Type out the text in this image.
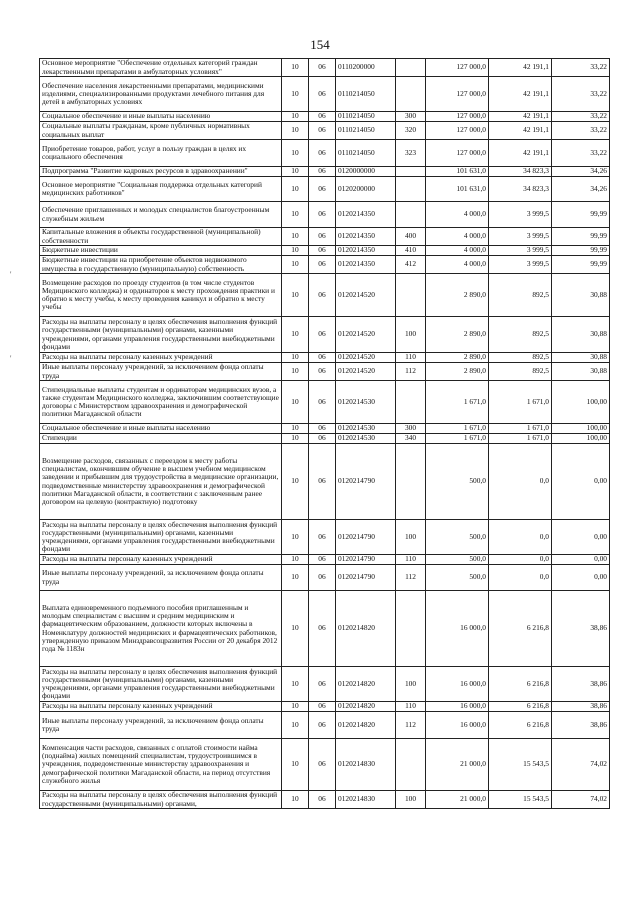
154
Основное мероприятие "Обеспечение отдельных категорий граждан лекарственными препаратами в амбулаторных условиях"	10	06	0110200000		127 000,0	42 191,1	33,22
Обеспечение населения лекарственными препаратами, медицинскими изделиями, специализированными продуктами лечебного питания для детей в амбулаторных условиях	10	06	0110214050		127 000,0	42 191,1	33,22
Социальное обеспечение и иные выплаты населению	10	06	0110214050	300	127 000,0	42 191,1	33,22
Социальные выплаты гражданам, кроме публичных нормативных социальных выплат	10	06	0110214050	320	127 000,0	42 191,1	33,22
Приобретение товаров, работ, услуг в пользу граждан в целях их социального обеспечения	10	06	0110214050	323	127 000,0	42 191,1	33,22
Подпрограмма "Развитие кадровых ресурсов в здравоохранении"	10	06	0120000000		101 631,0	34 823,3	34,26
Основное мероприятие "Социальная поддержка отдельных категорий медицинских работников"	10	06	0120200000		101 631,0	34 823,3	34,26
Обеспечение приглашенных и молодых специалистов благоустроенным служебным жильем	10	06	0120214350		4 000,0	3 999,5	99,99
Капитальные вложения в объекты государственной (муниципальной) собственности	10	06	0120214350	400	4 000,0	3 999,5	99,99
Бюджетные инвестиции	10	06	0120214350	410	4 000,0	3 999,5	99,99
Бюджетные инвестиции на приобретение объектов недвижимого имущества в государственную (муниципальную) собственность	10	06	0120214350	412	4 000,0	3 999,5	99,99
Возмещение расходов по проезду студентов (в том числе студентов Медицинского колледжа) и ординаторов к месту прохождения практики и обратно к месту учебы, к месту проведения каникул и обратно к месту учебы	10	06	0120214520		2 890,0	892,5	30,88
Расходы на выплаты персоналу в целях обеспечения выполнения функций государственными (муниципальными) органами, казенными учреждениями, органами управления государственными внебюджетными фондами	10	06	0120214520	100	2 890,0	892,5	30,88
Расходы на выплаты персоналу казенных учреждений	10	06	0120214520	110	2 890,0	892,5	30,88
Иные выплаты персоналу учреждений, за исключением фонда оплаты труда	10	06	0120214520	112	2 890,0	892,5	30,88
Стипендиальные выплаты студентам и ординаторам медицинских вузов, а также студентам Медицинского колледжа, заключившим соответствующие договоры с Министерством здравоохранения и демографической политики Магаданской области	10	06	0120214530		1 671,0	1 671,0	100,00
Социальное обеспечение и иные выплаты населению	10	06	0120214530	300	1 671,0	1 671,0	100,00
Стипендии	10	06	0120214530	340	1 671,0	1 671,0	100,00
Возмещение расходов, связанных с переездом к месту работы специалистам, окончившим обучение в высшем учебном медицинском заведении и прибывшим для трудоустройства в медицинские организации, подведомственные министерству здравоохранения и демографической политики Магаданской области, в соответствии с заключенным ранее договором на целевую (контрактную) подготовку	10	06	0120214790		500,0	0,0	0,00
Расходы на выплаты персоналу в целях обеспечения выполнения функций государственными (муниципальными) органами, казенными учреждениями, органами управления государственными внебюджетными фондами	10	06	0120214790	100	500,0	0,0	0,00
Расходы на выплаты персоналу казенных учреждений	10	06	0120214790	110	500,0	0,0	0,00
Иные выплаты персоналу учреждений, за исключением фонда оплаты труда	10	06	0120214790	112	500,0	0,0	0,00
Выплата единовременного подъемного пособия приглашенным и молодым специалистам с высшим и средним медицинским и фармацевтическим образованием, должности которых включены в Номенклатуру должностей медицинских и фармацевтических работников, утвержденную приказом Минздравсоцразвития России от 20 декабря 2012 года № 1183н	10	06	0120214820		16 000,0	6 216,8	38,86
Расходы на выплаты персоналу в целях обеспечения выполнения функций государственными (муниципальными) органами, казенными учреждениями, органами управления государственными внебюджетными фондами	10	06	0120214820	100	16 000,0	6 216,8	38,86
Расходы на выплаты персоналу казенных учреждений	10	06	0120214820	110	16 000,0	6 216,8	38,86
Иные выплаты персоналу учреждений, за исключением фонда оплаты труда	10	06	0120214820	112	16 000,0	6 216,8	38,86
Компенсация части расходов, связанных с оплатой стоимости найма (поднайма) жилых помещений специалистам, трудоустроившимся в учреждения, подведомственные министерству здравоохранения и демографической политики Магаданской области, на период отсутствия служебного жилья	10	06	0120214830		21 000,0	15 543,5	74,02
Расходы на выплаты персоналу в целях обеспечения выполнения функций государственными (муниципальными) органами,	10	06	0120214830	100	21 000,0	15 543,5	74,02
'
'
